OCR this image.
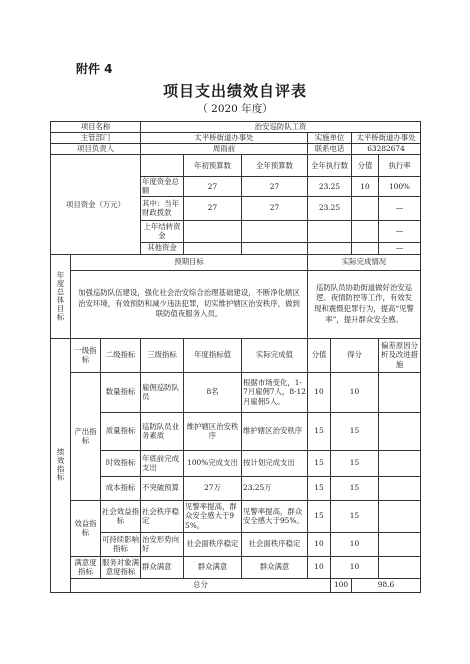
附件 4
项目支出绩效自评表
（ 2020 年度）
项目名称			治安巡防队工资							
主管部门			太平桥街道办事处			实施单位		太平桥街道办事处		
项目负责人			周雨前			联系电话		63282674		
项目资金（万元）				年初预算数	全年预算数	全年执行数		分值	执行率	
			年度资金总额	27	27	23.25		10	100%	
			其中：当年财政拨款	27	27	23.25			—	
			上年结转资金						—	
			其他资金						—	

年度总体目标	预期目标					实际完成情况				
	加强巡防队伍建设，强化社会治安综合治理基础建设，不断净化辖区治安环境，有效预防和减少违法犯罪，切实维护辖区治安秩序，做到联防值夜服务入员。					巡防队员协助街道做好治安巡逻、夜情防控等工作，有效发现和震慑犯罪行为，提高“见警率”，提升群众安全感。				

绩效指标	一级指标	二级指标	三级指标	年度指标值	实际完成值	分值	得分		偏差原因分析及改进措施	
	产出指标	数量指标	雇佣巡防队员	8名	根据市场变化，1-7月雇佣7人，8-12月雇佣5人。	10	10			
		质量指标	巡防队员业务素质	维护辖区治安秩序	维护辖区治安秩序	15	15			
		时效指标	年底前完成支出	100%完成支出	按计划完成支出	15	15			
		成本指标	不突破预算	27万	23.25万	15	15			
	效益指标	社会效益指标	社会秩序稳定	见警率提高，群众安全感大于95%。	见警率提高，群众安全感大于95%。	15	15			
		可持续影响指标	治安形势向好	社会面秩序稳定	社会面秩序稳定	10	10			
	满意度指标	服务对象满意度指标	群众满意	群众满意	群众满意	10	10			
	总分						100	98.6		
